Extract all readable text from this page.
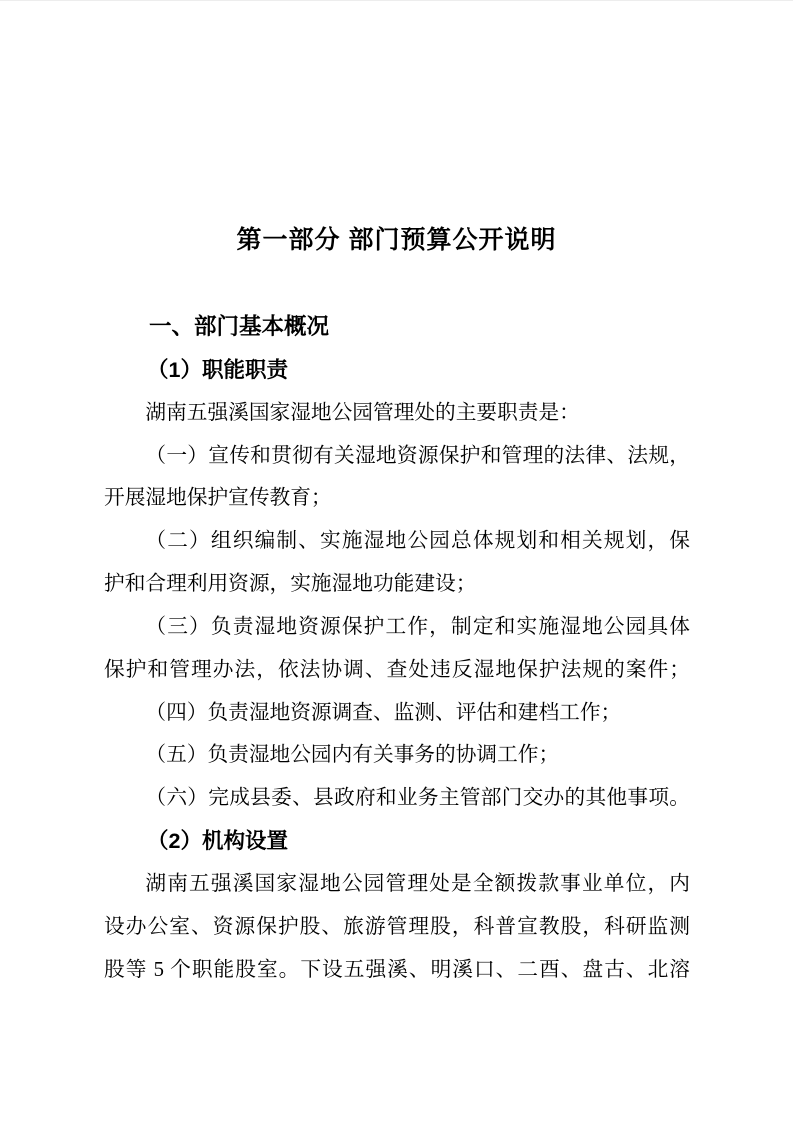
第一部分 部门预算公开说明
一、部门基本概况
（1）职能职责
湖南五强溪国家湿地公园管理处的主要职责是：
（一）宣传和贯彻有关湿地资源保护和管理的法律、法规，
开展湿地保护宣传教育；
（二）组织编制、实施湿地公园总体规划和相关规划，保
护和合理利用资源，实施湿地功能建设；
（三）负责湿地资源保护工作，制定和实施湿地公园具体
保护和管理办法，依法协调、查处违反湿地保护法规的案件；
（四）负责湿地资源调查、监测、评估和建档工作；
（五）负责湿地公园内有关事务的协调工作；
（六）完成县委、县政府和业务主管部门交办的其他事项。
（2）机构设置
湖南五强溪国家湿地公园管理处是全额拨款事业单位，内
设办公室、资源保护股、旅游管理股，科普宣教股，科研监测
股等 5 个职能股室。下设五强溪、明溪口、二酉、盘古、北溶
